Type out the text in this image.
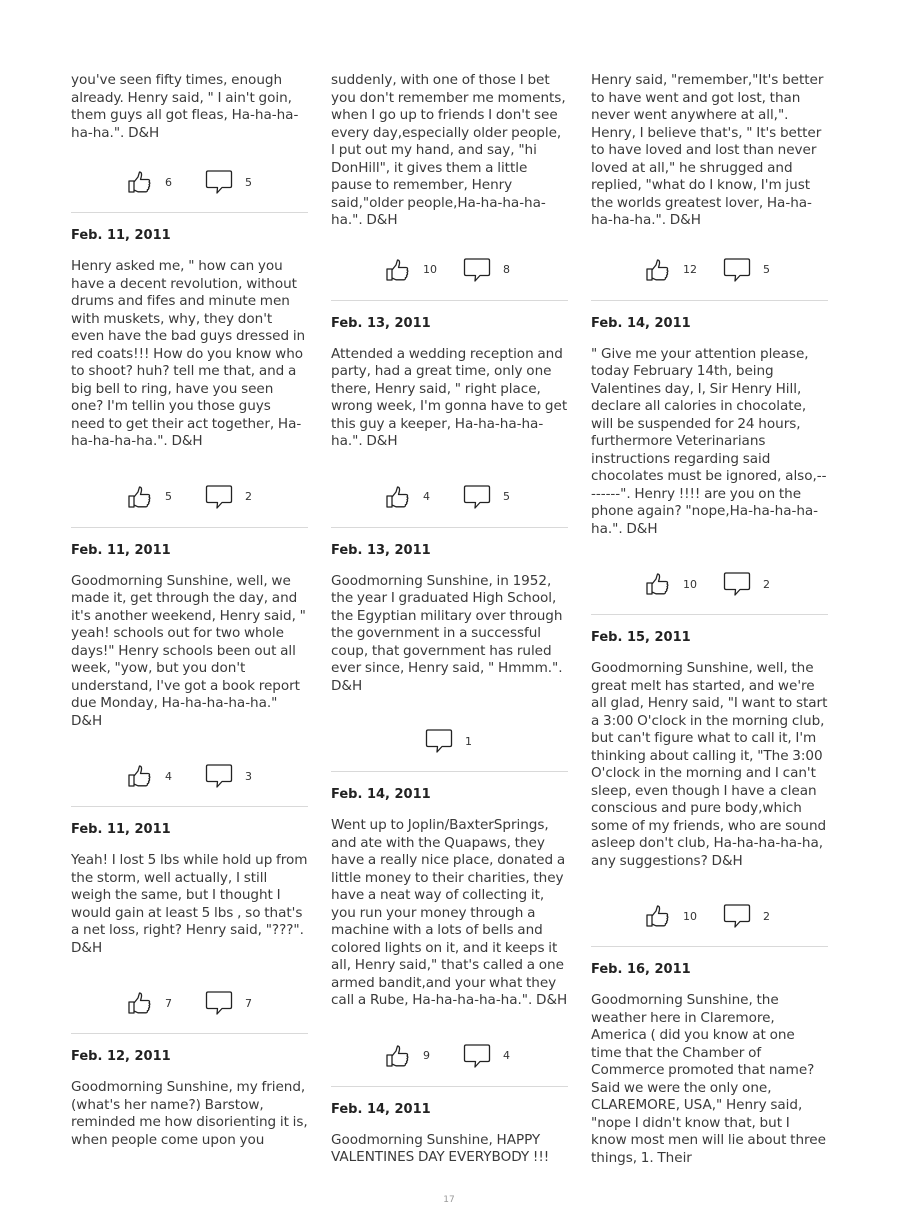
you've seen fifty times, enough already. Henry said, " I ain't goin, them guys all got fleas, Ha-ha-ha-ha-ha.". D&H

6	5
Feb. 11, 2011

Henry asked me, " how can you have a decent revolution, without drums and fifes and minute men with muskets, why, they don't even have the bad guys dressed in red coats!!! How do you know who to shoot? huh? tell me that, and a big bell to ring, have you seen one? I'm tellin you those guys need to get their act together, Ha-ha-ha-ha-ha.". D&H

5	2
Feb. 11, 2011

Goodmorning Sunshine, well, we made it, get through the day, and it's another weekend, Henry said, " yeah! schools out for two whole days!" Henry schools been out all week, "yow, but you don't understand, I've got a book report due Monday, Ha-ha-ha-ha-ha." D&H

4	3
Feb. 11, 2011

Yeah! I lost 5 lbs while hold up from the storm, well actually, I still weigh the same, but I thought I would gain at least 5 lbs , so that's a net loss, right? Henry said, "???". D&H

7	7
Feb. 12, 2011

Goodmorning Sunshine, my friend,(what's her name?) Barstow, reminded me how disorienting it is, when people come upon you

suddenly, with one of those I bet you don't remember me moments, when I go up to friends I don't see every day,especially older people, I put out my hand, and say, "hi DonHill", it gives them a little pause to remember, Henry said,"older people,Ha-ha-ha-ha-ha.". D&H

10	8
Feb. 13, 2011

Attended a wedding reception and party, had a great time, only one there, Henry said, " right place, wrong week, I'm gonna have to get this guy a keeper, Ha-ha-ha-ha-ha.". D&H

4	5
Feb. 13, 2011

Goodmorning Sunshine, in 1952, the year I graduated High School, the Egyptian military over through the government in a successful coup, that government has ruled ever since, Henry said, " Hmmm.". D&H

1
Feb. 14, 2011

Went up to Joplin/BaxterSprings, and ate with the Quapaws, they have a really nice place, donated a little money to their charities, they have a neat way of collecting it, you run your money through a machine with a lots of bells and colored lights on it, and it keeps it all, Henry said," that's called a one armed bandit,and your what they call a Rube, Ha-ha-ha-ha-ha.". D&H

9	4
Feb. 14, 2011

Goodmorning Sunshine, HAPPY VALENTINES DAY EVERYBODY !!!

Henry said, "remember,"It's better to have went and got lost, than never went anywhere at all,". Henry, I believe that's, " It's better to have loved and lost than never loved at all," he shrugged and replied, "what do I know, I'm just the worlds greatest lover, Ha-ha-ha-ha-ha.". D&H

12	5
Feb. 14, 2011

" Give me your attention please, today February 14th, being Valentines day, I, Sir Henry Hill, declare all calories in chocolate, will be suspended for 24 hours, furthermore Veterinarians instructions regarding said chocolates must be ignored, also,--------". Henry !!!! are you on the phone again? "nope,Ha-ha-ha-ha-ha.". D&H

10	2
Feb. 15, 2011

Goodmorning Sunshine, well, the great melt has started, and we're all glad, Henry said, "I want to start a 3:00 O'clock in the morning club, but can't figure what to call it, I'm thinking about calling it, "The 3:00 O'clock in the morning and I can't sleep, even though I have a clean conscious and pure body,which some of my friends, who are sound asleep don't club, Ha-ha-ha-ha-ha, any suggestions? D&H

10	2
Feb. 16, 2011

Goodmorning Sunshine, the weather here in Claremore, America ( did you know at one time that the Chamber of Commerce promoted that name? Said we were the only one, CLAREMORE, USA," Henry said, "nope I didn't know that, but I know most men will lie about three things, 1. Their

17
